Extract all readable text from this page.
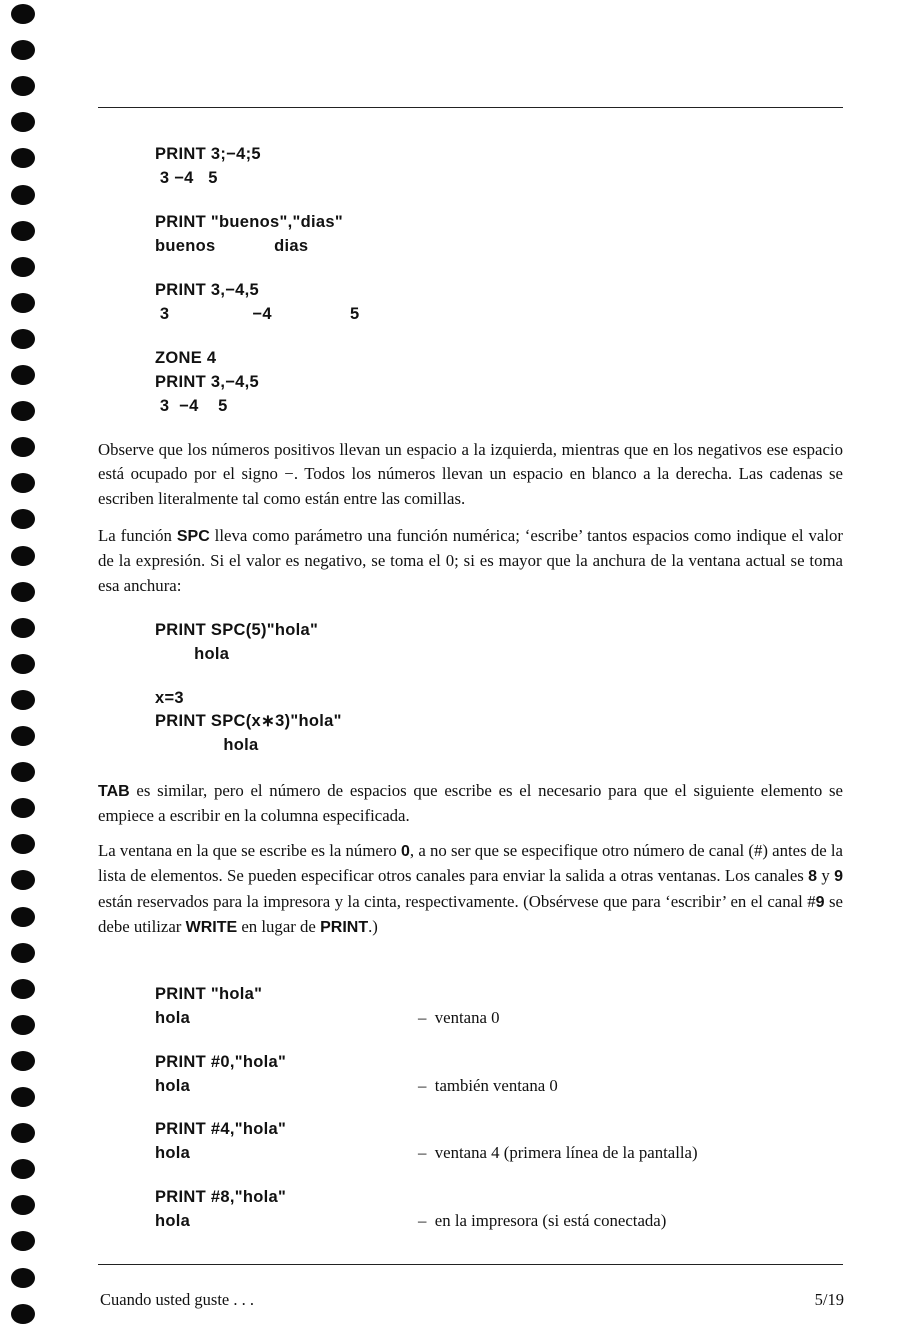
PRINT 3;−4;5
3 −4   5
PRINT "buenos","dias"
buenos            dias
PRINT 3,−4,5
3                 −4                5
ZONE 4
PRINT 3,−4,5
3  −4    5

Observe que los números positivos llevan un espacio a la izquierda, mientras que en los negativos ese espacio está ocupado por el signo −. Todos los números llevan un espacio en blanco a la derecha. Las cadenas se escriben literalmente tal como están entre las comillas.

La función SPC lleva como parámetro una función numérica; ‘escribe’ tantos espacios como indique el valor de la expresión. Si el valor es negativo, se toma el 0; si es mayor que la anchura de la ventana actual se toma esa anchura:

PRINT SPC(5)"hola"
hola
x=3
PRINT SPC(x∗3)"hola"
hola

TAB es similar, pero el número de espacios que escribe es el necesario para que el siguiente elemento se empiece a escribir en la columna especificada.

La ventana en la que se escribe es la número 0, a no ser que se especifique otro número de canal (#) antes de la lista de elementos. Se pueden especificar otros canales para enviar la salida a otras ventanas. Los canales 8 y 9 están reservados para la impresora y la cinta, respectivamente. (Obsérvese que para ‘escribir’ en el canal #9 se debe utilizar WRITE en lugar de PRINT.)

PRINT "hola"
hola	–  ventana 0
PRINT #0,"hola"
hola	–  también ventana 0
PRINT #4,"hola"
hola	–  ventana 4 (primera línea de la pantalla)
PRINT #8,"hola"
hola	–  en la impresora (si está conectada)
Cuando usted guste . . .	5/19
